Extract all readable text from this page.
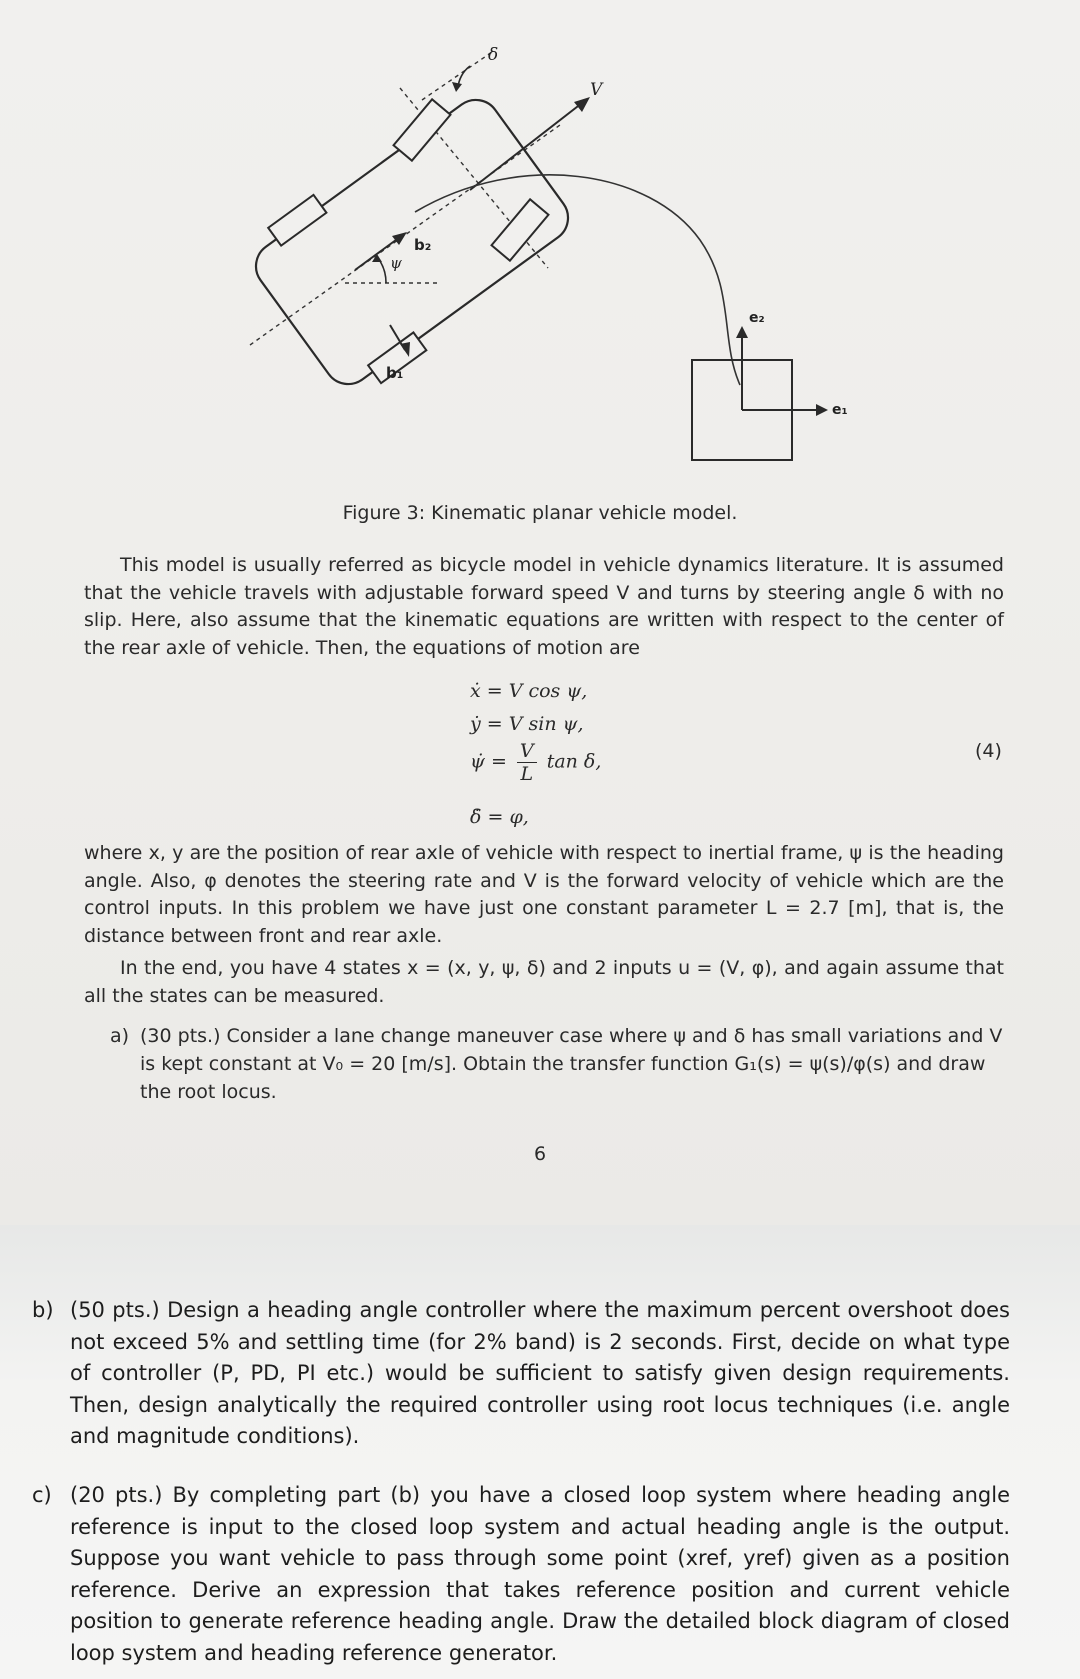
δ
V
ψ
b₂
b₁
e₂
e₁
Figure 3: Kinematic planar vehicle model.
This model is usually referred as bicycle model in vehicle dynamics literature. It is assumed that the vehicle travels with adjustable forward speed V and turns by steering angle δ with no slip. Here, also assume that the kinematic equations are written with respect to the center of the rear axle of vehicle. Then, the equations of motion are
ẋ = V cos ψ,
ẏ = V sin ψ,
ψ̇ = $\frac{V}{L}$ tan δ,
δ̇ = φ,
(4)
where x, y are the position of rear axle of vehicle with respect to inertial frame, ψ is the heading angle. Also, φ denotes the steering rate and V is the forward velocity of vehicle which are the control inputs. In this problem we have just one constant parameter L = 2.7 [m], that is, the distance between front and rear axle.
In the end, you have 4 states x = (x, y, ψ, δ) and 2 inputs u = (V, φ), and again assume that all the states can be measured.
a) (30 pts.) Consider a lane change maneuver case where ψ and δ has small variations and V is kept constant at V₀ = 20 [m/s]. Obtain the transfer function G₁(s) = ψ(s)/φ(s) and draw the root locus.
6
b) (50 pts.) Design a heading angle controller where the maximum percent overshoot does not exceed 5% and settling time (for 2% band) is 2 seconds. First, decide on what type of controller (P, PD, PI etc.) would be sufficient to satisfy given design requirements. Then, design analytically the required controller using root locus techniques (i.e. angle and magnitude conditions).
c) (20 pts.) By completing part (b) you have a closed loop system where heading angle reference is input to the closed loop system and actual heading angle is the output. Suppose you want vehicle to pass through some point (xref, yref) given as a position reference. Derive an expression that takes reference position and current vehicle position to generate reference heading angle. Draw the detailed block diagram of closed loop system and heading reference generator.
